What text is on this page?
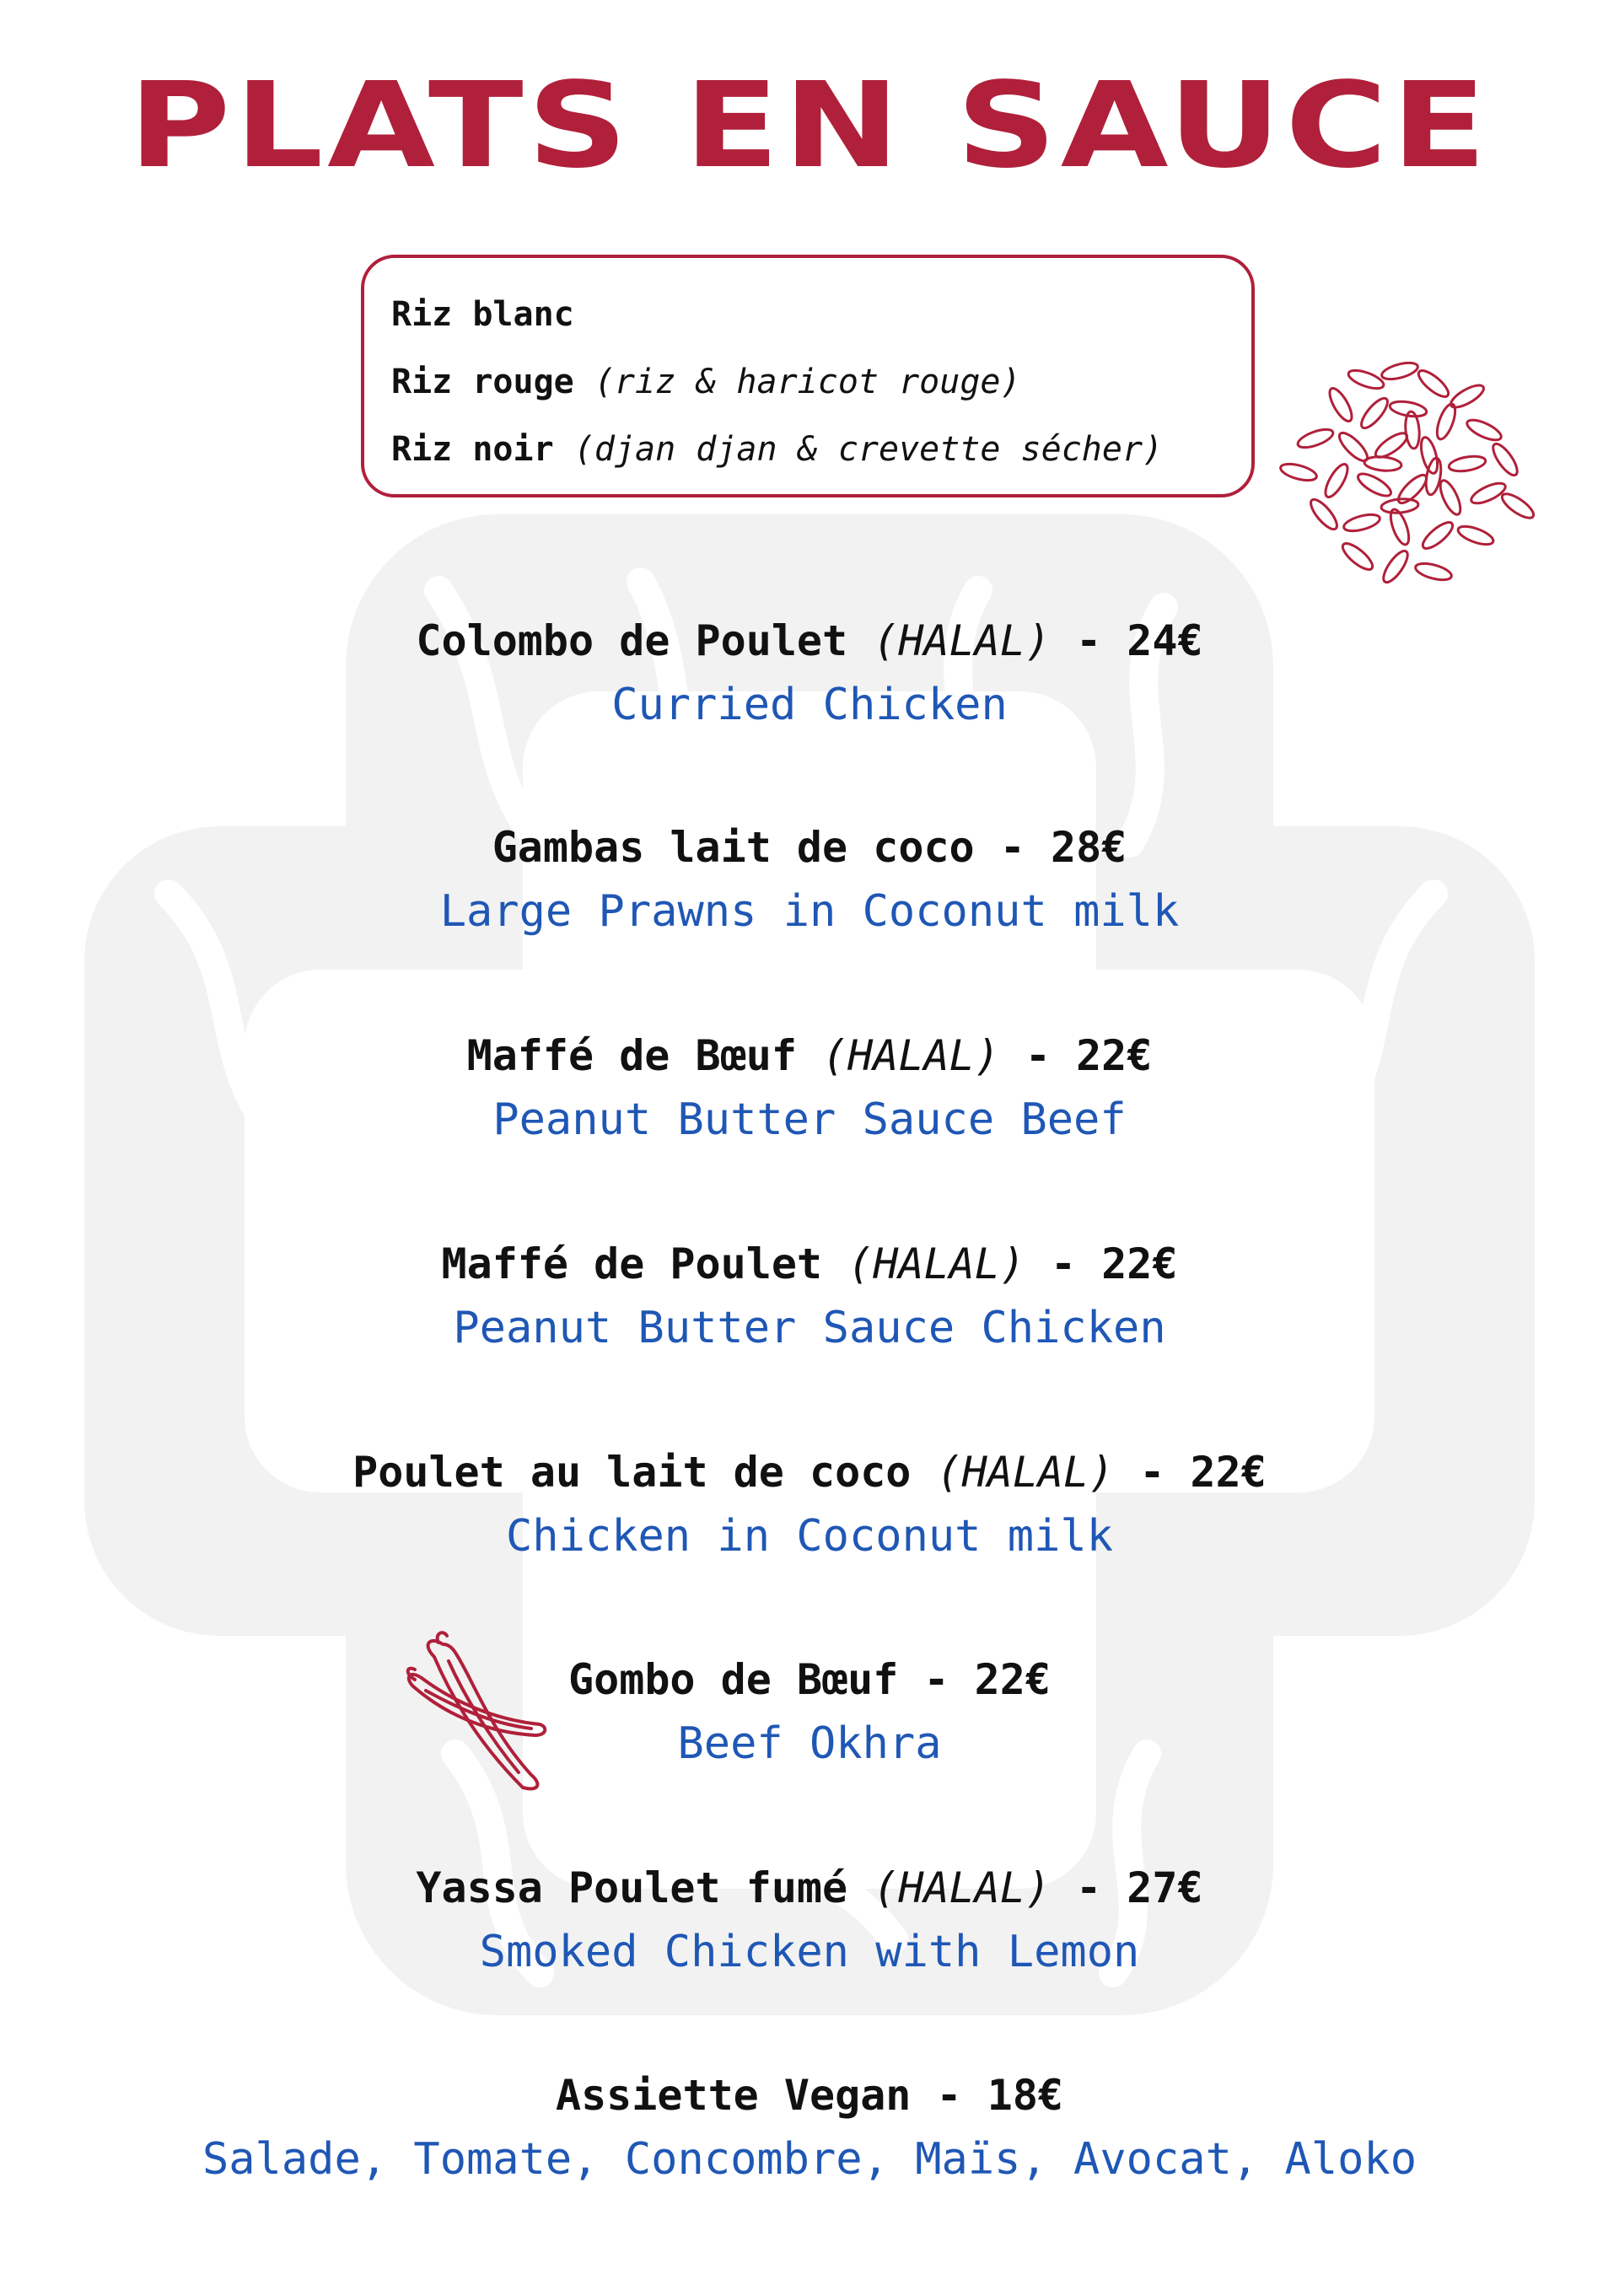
PLATS EN SAUCE
Riz blanc
Riz rouge (riz & haricot rouge)
Riz noir (djan djan & crevette sécher)
Colombo de Poulet (HALAL) - 24€
Curried Chicken
Gambas lait de coco - 28€
Large Prawns in Coconut milk
Maffé de Bœuf (HALAL) - 22€
Peanut Butter Sauce Beef
Maffé de Poulet (HALAL) - 22€
Peanut Butter Sauce Chicken
Poulet au lait de coco (HALAL) - 22€
Chicken in Coconut milk
Gombo de Bœuf - 22€
Beef Okhra
Yassa Poulet fumé (HALAL) - 27€
Smoked Chicken with Lemon
Assiette Vegan - 18€
Salade, Tomate, Concombre, Maïs, Avocat, Aloko
